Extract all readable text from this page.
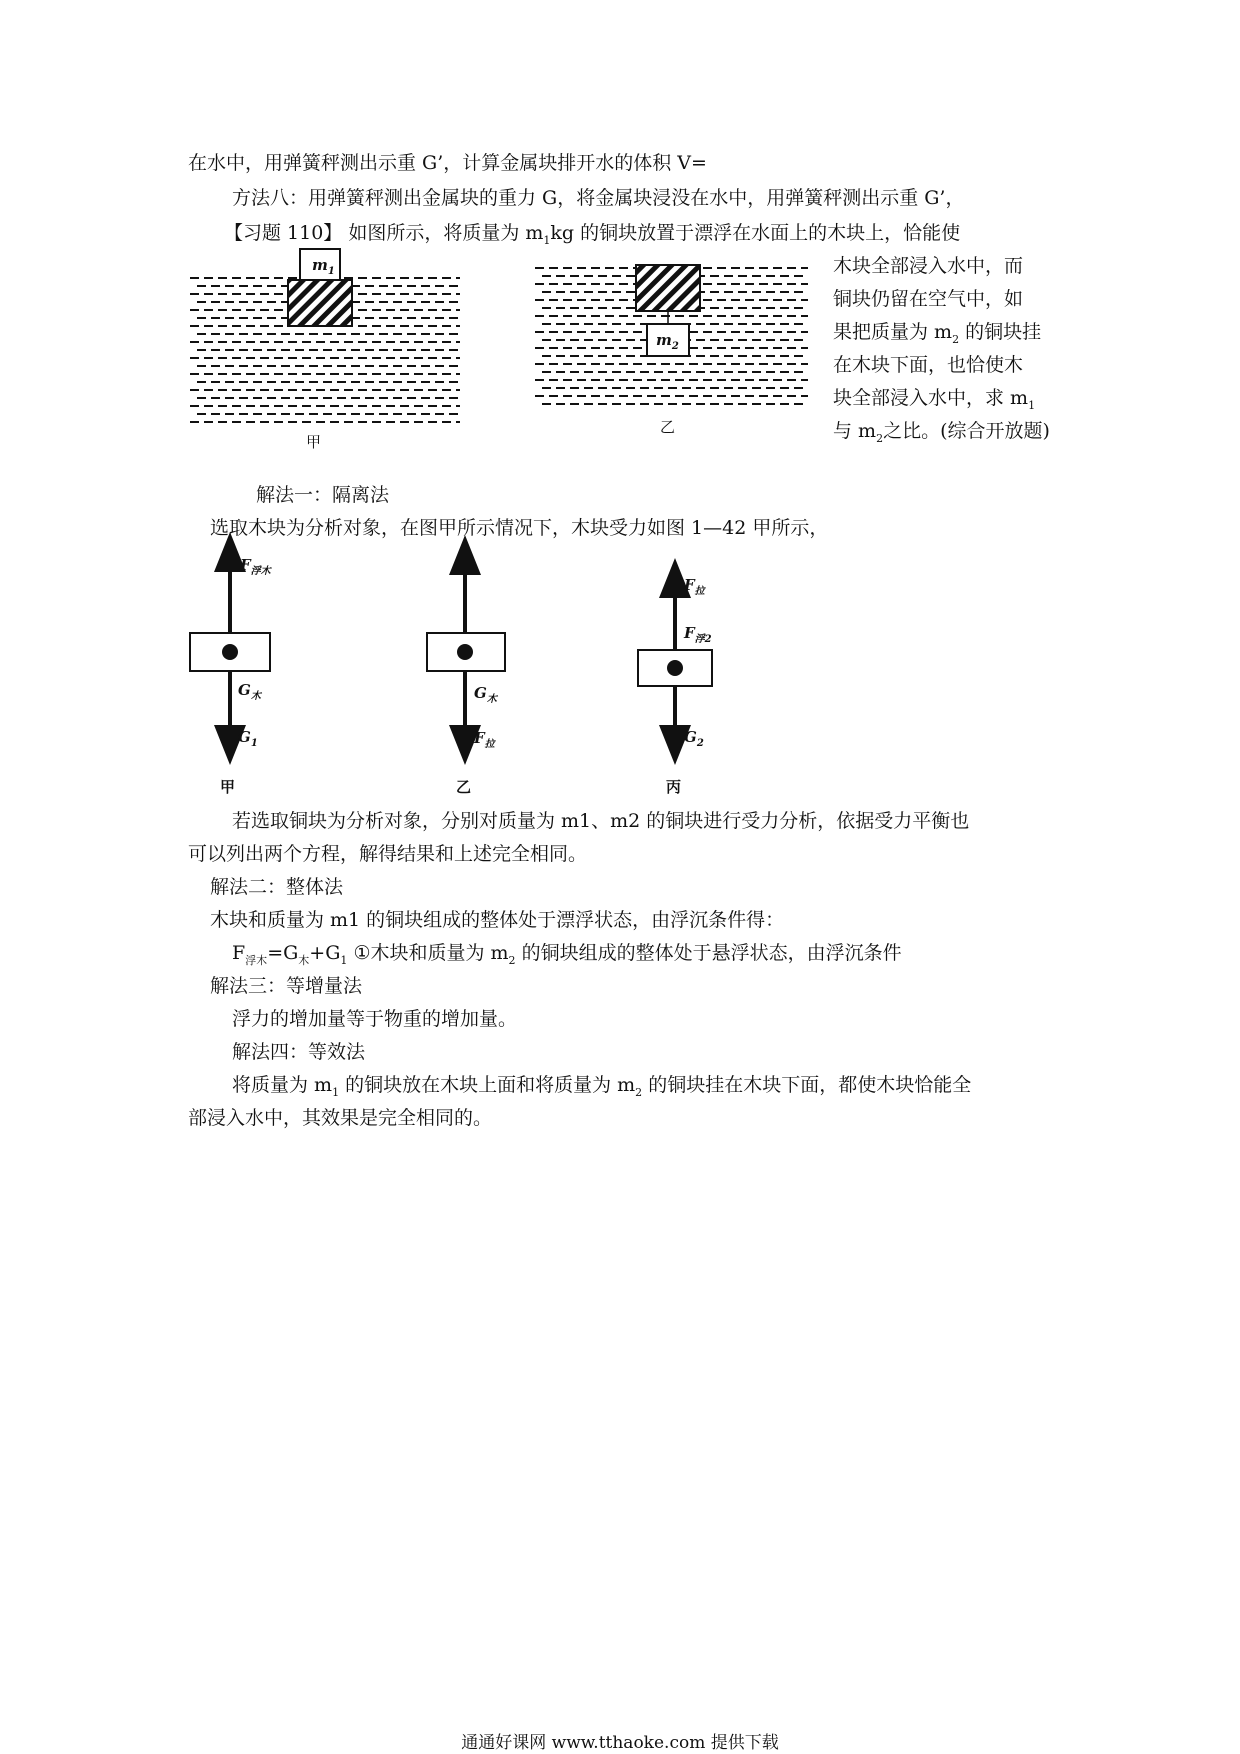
在水中，用弹簧秤测出示重 G’，计算金属块排开水的体积 V=
方法八：用弹簧秤测出金属块的重力 G，将金属块浸没在水中，用弹簧秤测出示重 G’，
【习题 110】 如图所示，将质量为 $m_1kg$ 的铜块放置于漂浮在水面上的木块上，恰能使
木块全部浸入水中，而
铜块仍留在空气中，如
果把质量为 $m_2$ 的铜块挂
在木块下面，也恰使木
块全部浸入水中，求 $m_1$
与 $m_2$之比。(综合开放题)
$m_1$
甲
$m_2$
乙
解法一：隔离法
选取木块为分析对象，在图甲所示情况下，木块受力如图 1—42 甲所示，
$F_{浮木}$
$G_木$
$G_1$
甲
$G_木$
$F_拉$
乙
$F_拉$
$F_{浮2}$
$G_2$
丙
若选取铜块为分析对象，分别对质量为 m1、m2 的铜块进行受力分析，依据受力平衡也
可以列出两个方程，解得结果和上述完全相同。
解法二：整体法
木块和质量为 m1 的铜块组成的整体处于漂浮状态，由浮沉条件得：
$F_{浮木}=G_木+G_1$ ①木块和质量为 $m_2$ 的铜块组成的整体处于悬浮状态，由浮沉条件
解法三：等增量法
浮力的增加量等于物重的增加量。
解法四：等效法
将质量为 $m_1$ 的铜块放在木块上面和将质量为 $m_2$ 的铜块挂在木块下面，都使木块恰能全
部浸入水中，其效果是完全相同的。
通通好课网 www.tthaoke.com 提供下载
